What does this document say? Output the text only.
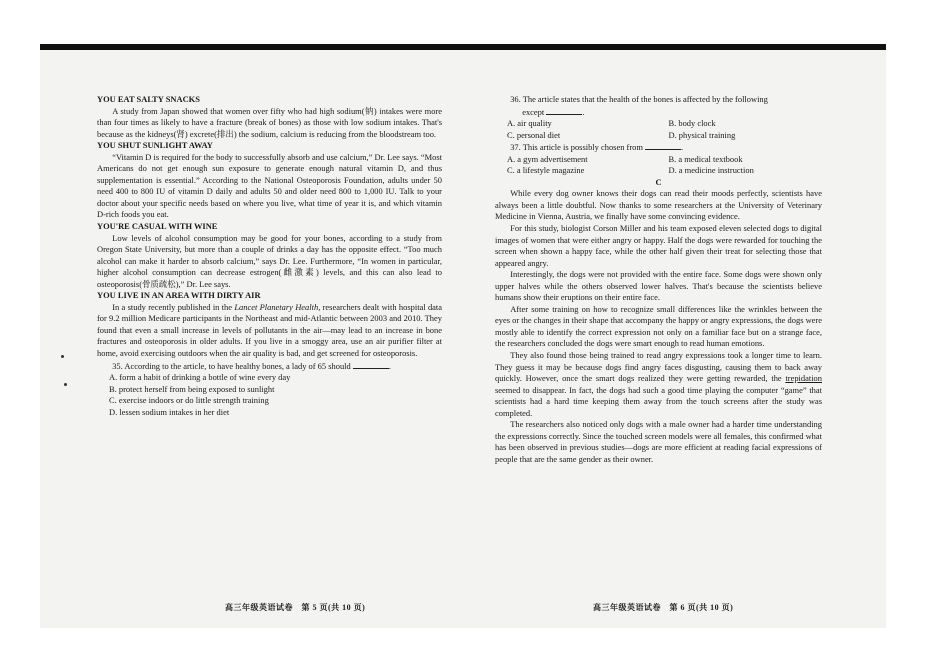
YOU EAT SALTY SNACKS

A study from Japan showed that women over fifty who had high sodium(钠) intakes were more than four times as likely to have a fracture (break of bones) as those with low sodium intakes. That's because as the kidneys(肾) excrete(排出) the sodium, calcium is reducing from the bloodstream too.

YOU SHUT SUNLIGHT AWAY

“Vitamin D is required for the body to successfully absorb and use calcium,” Dr. Lee says. “Most Americans do not get enough sun exposure to generate enough natural vitamin D, and thus supplementation is essential.” According to the National Osteoporosis Foundation, adults under 50 need 400 to 800 IU of vitamin D daily and adults 50 and older need 800 to 1,000 IU. Talk to your doctor about your specific needs based on where you live, what time of year it is, and which vitamin D-rich foods you eat.

YOU'RE CASUAL WITH WINE

Low levels of alcohol consumption may be good for your bones, according to a study from Oregon State University, but more than a couple of drinks a day has the opposite effect. “Too much alcohol can make it harder to absorb calcium,” says Dr. Lee. Furthermore, “In women in particular, higher alcohol consumption can decrease estrogen(雌激素) levels, and this can also lead to osteoporosis(骨质疏松),” Dr. Lee says.

YOU LIVE IN AN AREA WITH DIRTY AIR

In a study recently published in the Lancet Planetary Health, researchers dealt with hospital data for 9.2 million Medicare participants in the Northeast and mid-Atlantic between 2003 and 2010. They found that even a small increase in levels of pollutants in the air—may lead to an increase in bone fractures and osteoporosis in older adults. If you live in a smoggy area, use an air purifier filter at home, avoid exercising outdoors when the air quality is bad, and get screened for osteoporosis.

35. According to the article, to have healthy bones, a lady of 65 should	.

A. form a habit of drinking a bottle of wine every day
B. protect herself from being exposed to sunlight
C. exercise indoors or do little strength training
D. lessen sodium intakes in her diet

36. The article states that the health of the bones is affected by the following

except	.

A. air quality	B. body clock
C. personal diet	D. physical training

37. This article is possibly chosen from	.

A. a gym advertisement	B. a medical textbook
C. a lifestyle magazine	D. a medicine instruction
C

While every dog owner knows their dogs can read their moods perfectly, scientists have always been a little doubtful. Now thanks to some researchers at the University of Veterinary Medicine in Vienna, Austria, we finally have some convincing evidence.

For this study, biologist Corson Miller and his team exposed eleven selected dogs to digital images of women that were either angry or happy. Half the dogs were rewarded for touching the screen when shown a happy face, while the other half given their treat for selecting those that appeared angry.

Interestingly, the dogs were not provided with the entire face. Some dogs were shown only upper halves while the others observed lower halves. That's because the scientists believe humans show their eruptions on their entire face.

After some training on how to recognize small differences like the wrinkles between the eyes or the changes in their shape that accompany the happy or angry expressions, the dogs were mostly able to identify the correct expression not only on a familiar face but on a strange face, the researchers concluded the dogs were smart enough to read human emotions.

They also found those being trained to read angry expressions took a longer time to learn. They guess it may be because dogs find angry faces disgusting, causing them to back away quickly. However, once the smart dogs realized they were getting rewarded, the trepidation seemed to disappear. In fact, the dogs had such a good time playing the computer “game” that scientists had a hard time keeping them away from the touch screens after the study was completed.

The researchers also noticed only dogs with a male owner had a harder time understanding the expressions correctly. Since the touched screen models were all females, this confirmed what has been observed in previous studies—dogs are more efficient at reading facial expressions of people that are the same gender as their owner.

高三年级英语试卷　第 5 页(共 10 页)	高三年级英语试卷　第 6 页(共 10 页)
